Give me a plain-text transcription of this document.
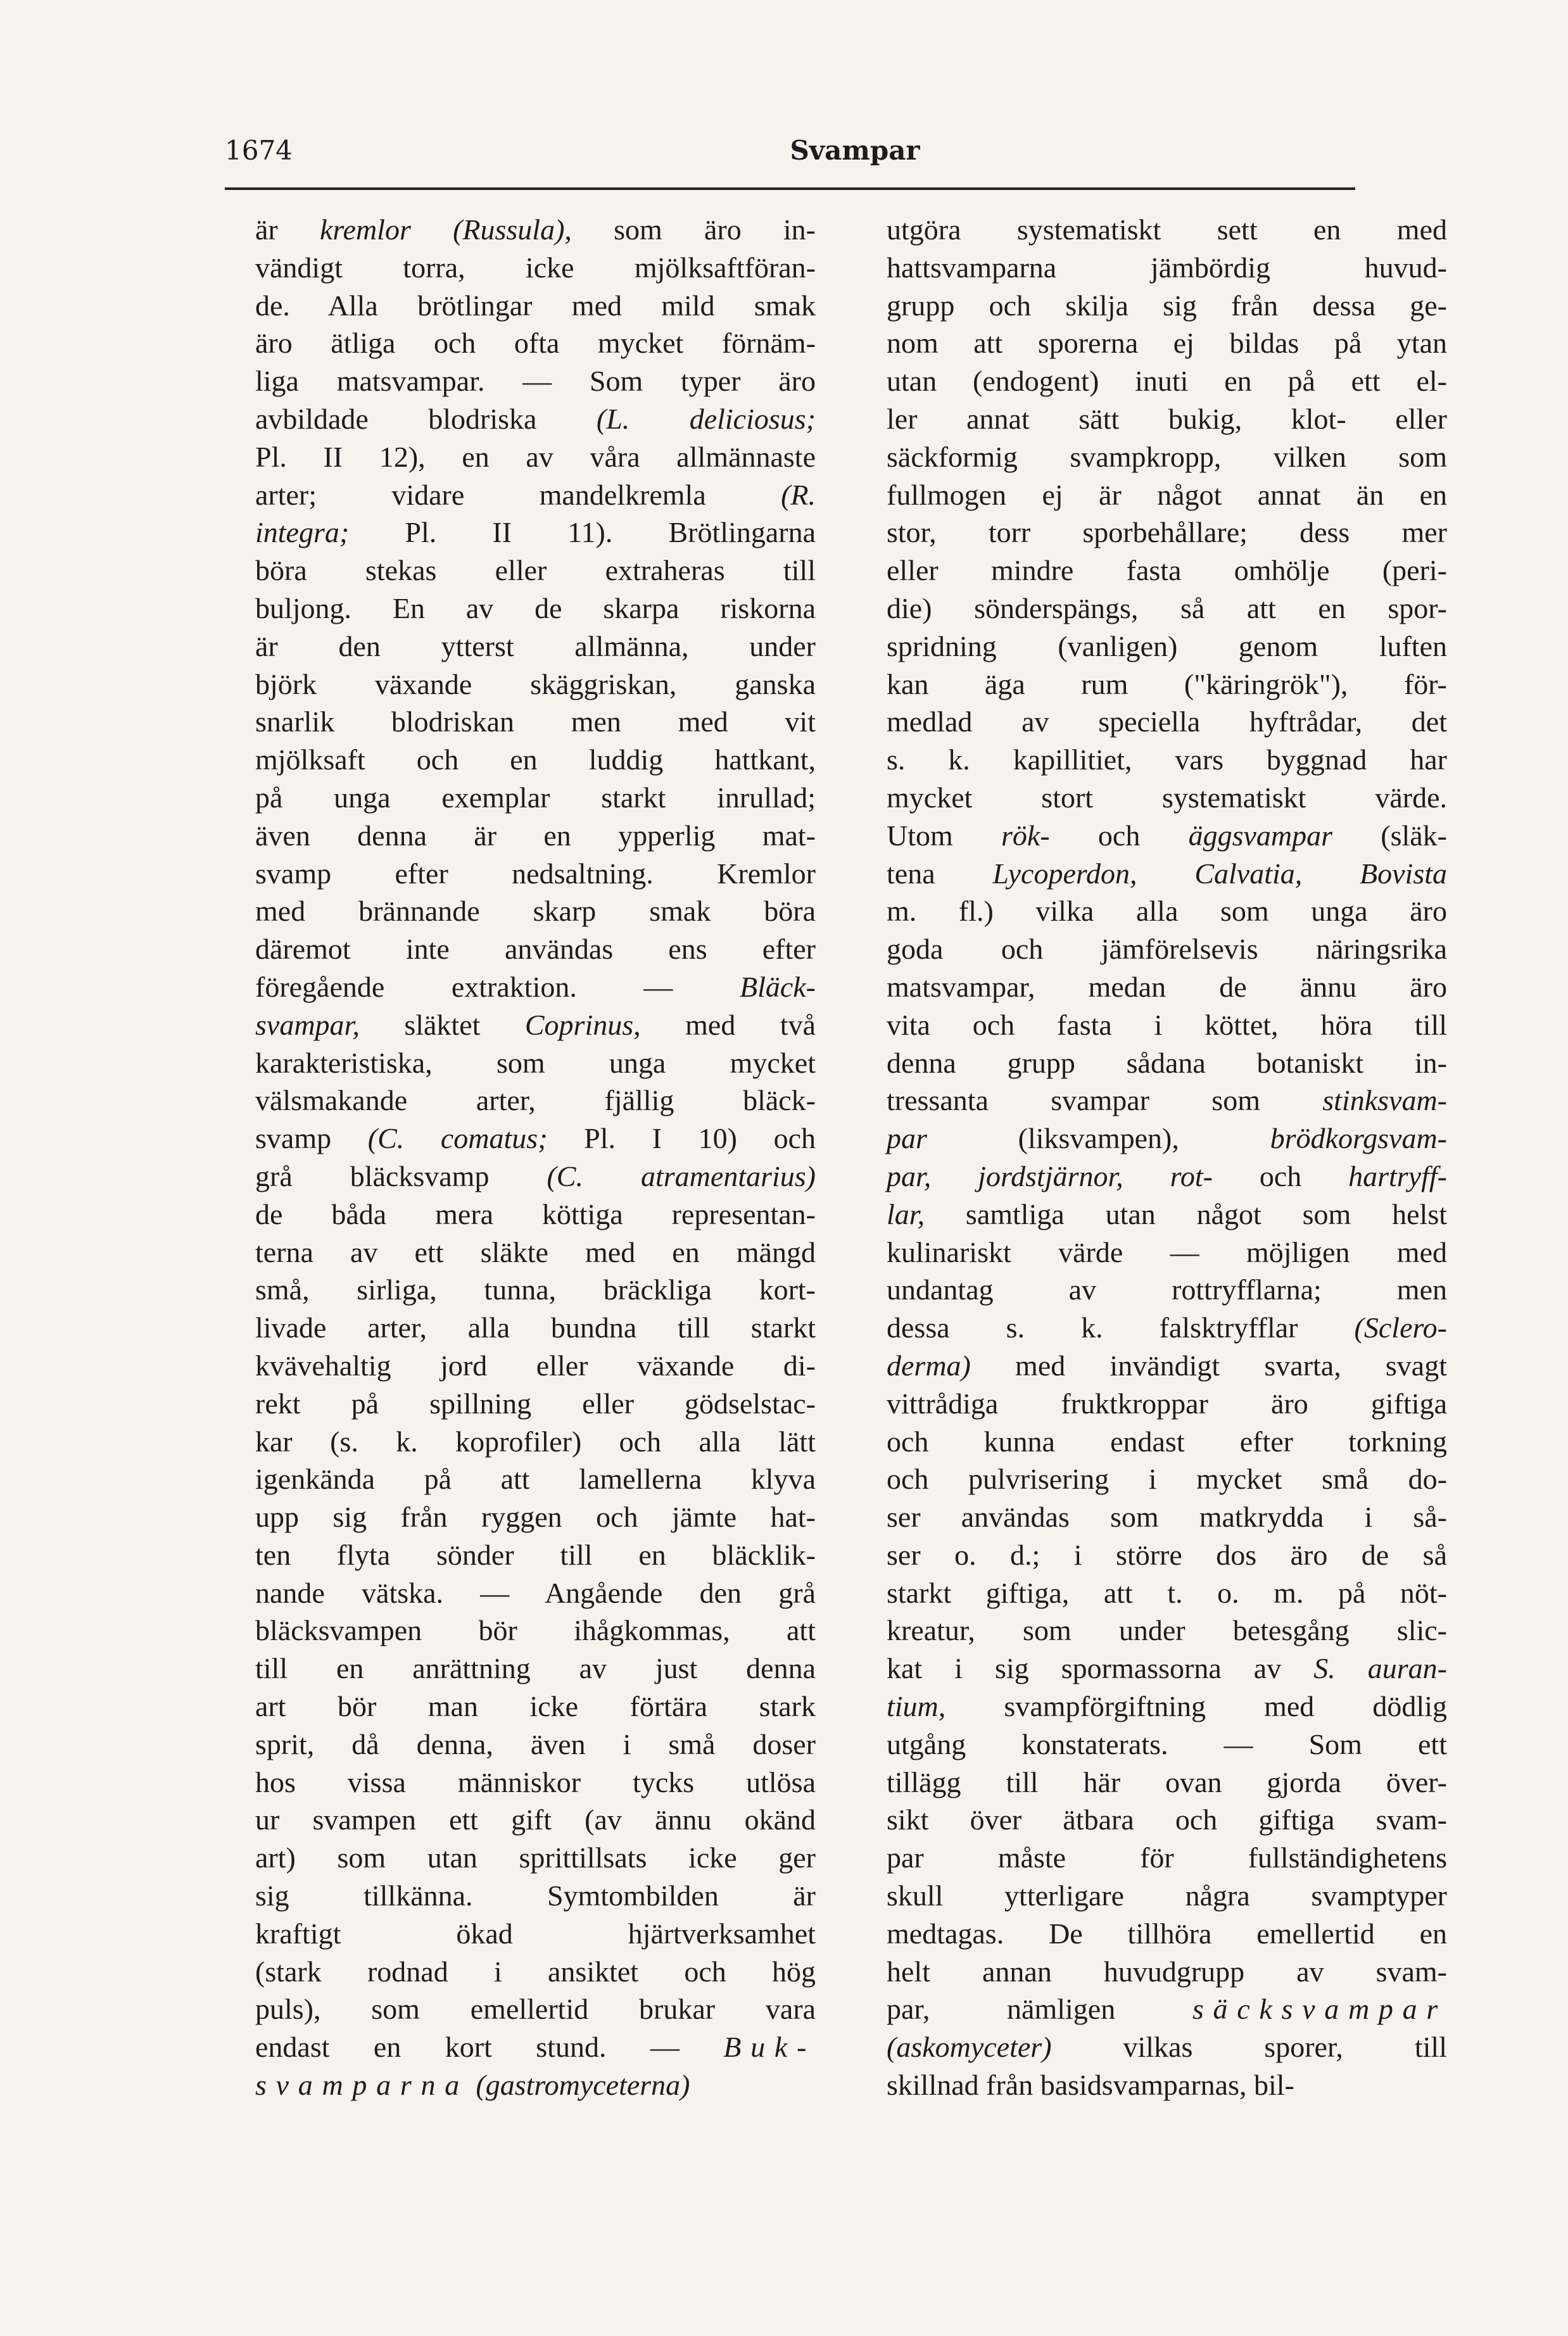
1674	Svampar
är kremlor (Russula), som äro in-
vändigt torra, icke mjölksaftföran-
de. Alla brötlingar med mild smak
äro ätliga och ofta mycket förnäm-
liga matsvampar. — Som typer äro
avbildade blodriska (L. deliciosus;
Pl. II 12), en av våra allmännaste
arter; vidare mandelkremla (R.
integra; Pl. II 11). Brötlingarna
böra stekas eller extraheras till
buljong. En av de skarpa riskorna
är den ytterst allmänna, under
björk växande skäggriskan, ganska
snarlik blodriskan men med vit
mjölksaft och en luddig hattkant,
på unga exemplar starkt inrullad;
även denna är en ypperlig mat-
svamp efter nedsaltning. Kremlor
med brännande skarp smak böra
däremot inte användas ens efter
föregående extraktion. — Bläck-
svampar, släktet Coprinus, med två
karakteristiska, som unga mycket
välsmakande arter, fjällig bläck-
svamp (C. comatus; Pl. I 10) och
grå bläcksvamp (C. atramentarius)
de båda mera köttiga representan-
terna av ett släkte med en mängd
små, sirliga, tunna, bräckliga kort-
livade arter, alla bundna till starkt
kvävehaltig jord eller växande di-
rekt på spillning eller gödselstac-
kar (s. k. koprofiler) och alla lätt
igenkända på att lamellerna klyva
upp sig från ryggen och jämte hat-
ten flyta sönder till en bläcklik-
nande vätska. — Angående den grå
bläcksvampen bör ihågkommas, att
till en anrättning av just denna
art bör man icke förtära stark
sprit, då denna, även i små doser
hos vissa människor tycks utlösa
ur svampen ett gift (av ännu okänd
art) som utan sprittillsats icke ger
sig tillkänna. Symtombilden är
kraftigt ökad hjärtverksamhet
(stark rodnad i ansiktet och hög
puls), som emellertid brukar vara
endast en kort stund. — Buk-
svamparna (gastromyceterna)
utgöra systematiskt sett en med
hattsvamparna jämbördig huvud-
grupp och skilja sig från dessa ge-
nom att sporerna ej bildas på ytan
utan (endogent) inuti en på ett el-
ler annat sätt bukig, klot- eller
säckformig svampkropp, vilken som
fullmogen ej är något annat än en
stor, torr sporbehållare; dess mer
eller mindre fasta omhölje (peri-
die) sönderspängs, så att en spor-
spridning (vanligen) genom luften
kan äga rum ("käringrök"), för-
medlad av speciella hyftrådar, det
s. k. kapillitiet, vars byggnad har
mycket stort systematiskt värde.
Utom rök- och äggsvampar (släk-
tena Lycoperdon, Calvatia, Bovista
m. fl.) vilka alla som unga äro
goda och jämförelsevis näringsrika
matsvampar, medan de ännu äro
vita och fasta i köttet, höra till
denna grupp sådana botaniskt in-
tressanta svampar som stinksvam-
par (liksvampen), brödkorgsvam-
par, jordstjärnor, rot- och hartryff-
lar, samtliga utan något som helst
kulinariskt värde — möjligen med
undantag av rottryfflarna; men
dessa s. k. falsktryfflar (Sclero-
derma) med invändigt svarta, svagt
vittrådiga fruktkroppar äro giftiga
och kunna endast efter torkning
och pulvrisering i mycket små do-
ser användas som matkrydda i så-
ser o. d.; i större dos äro de så
starkt giftiga, att t. o. m. på nöt-
kreatur, som under betesgång slic-
kat i sig spormassorna av S. auran-
tium, svampförgiftning med dödlig
utgång konstaterats. — Som ett
tillägg till här ovan gjorda över-
sikt över ätbara och giftiga svam-
par måste för fullständighetens
skull ytterligare några svamptyper
medtagas. De tillhöra emellertid en
helt annan huvudgrupp av svam-
par, nämligen säcksvampar
(askomyceter) vilkas sporer, till
skillnad från basidsvamparnas, bil-
